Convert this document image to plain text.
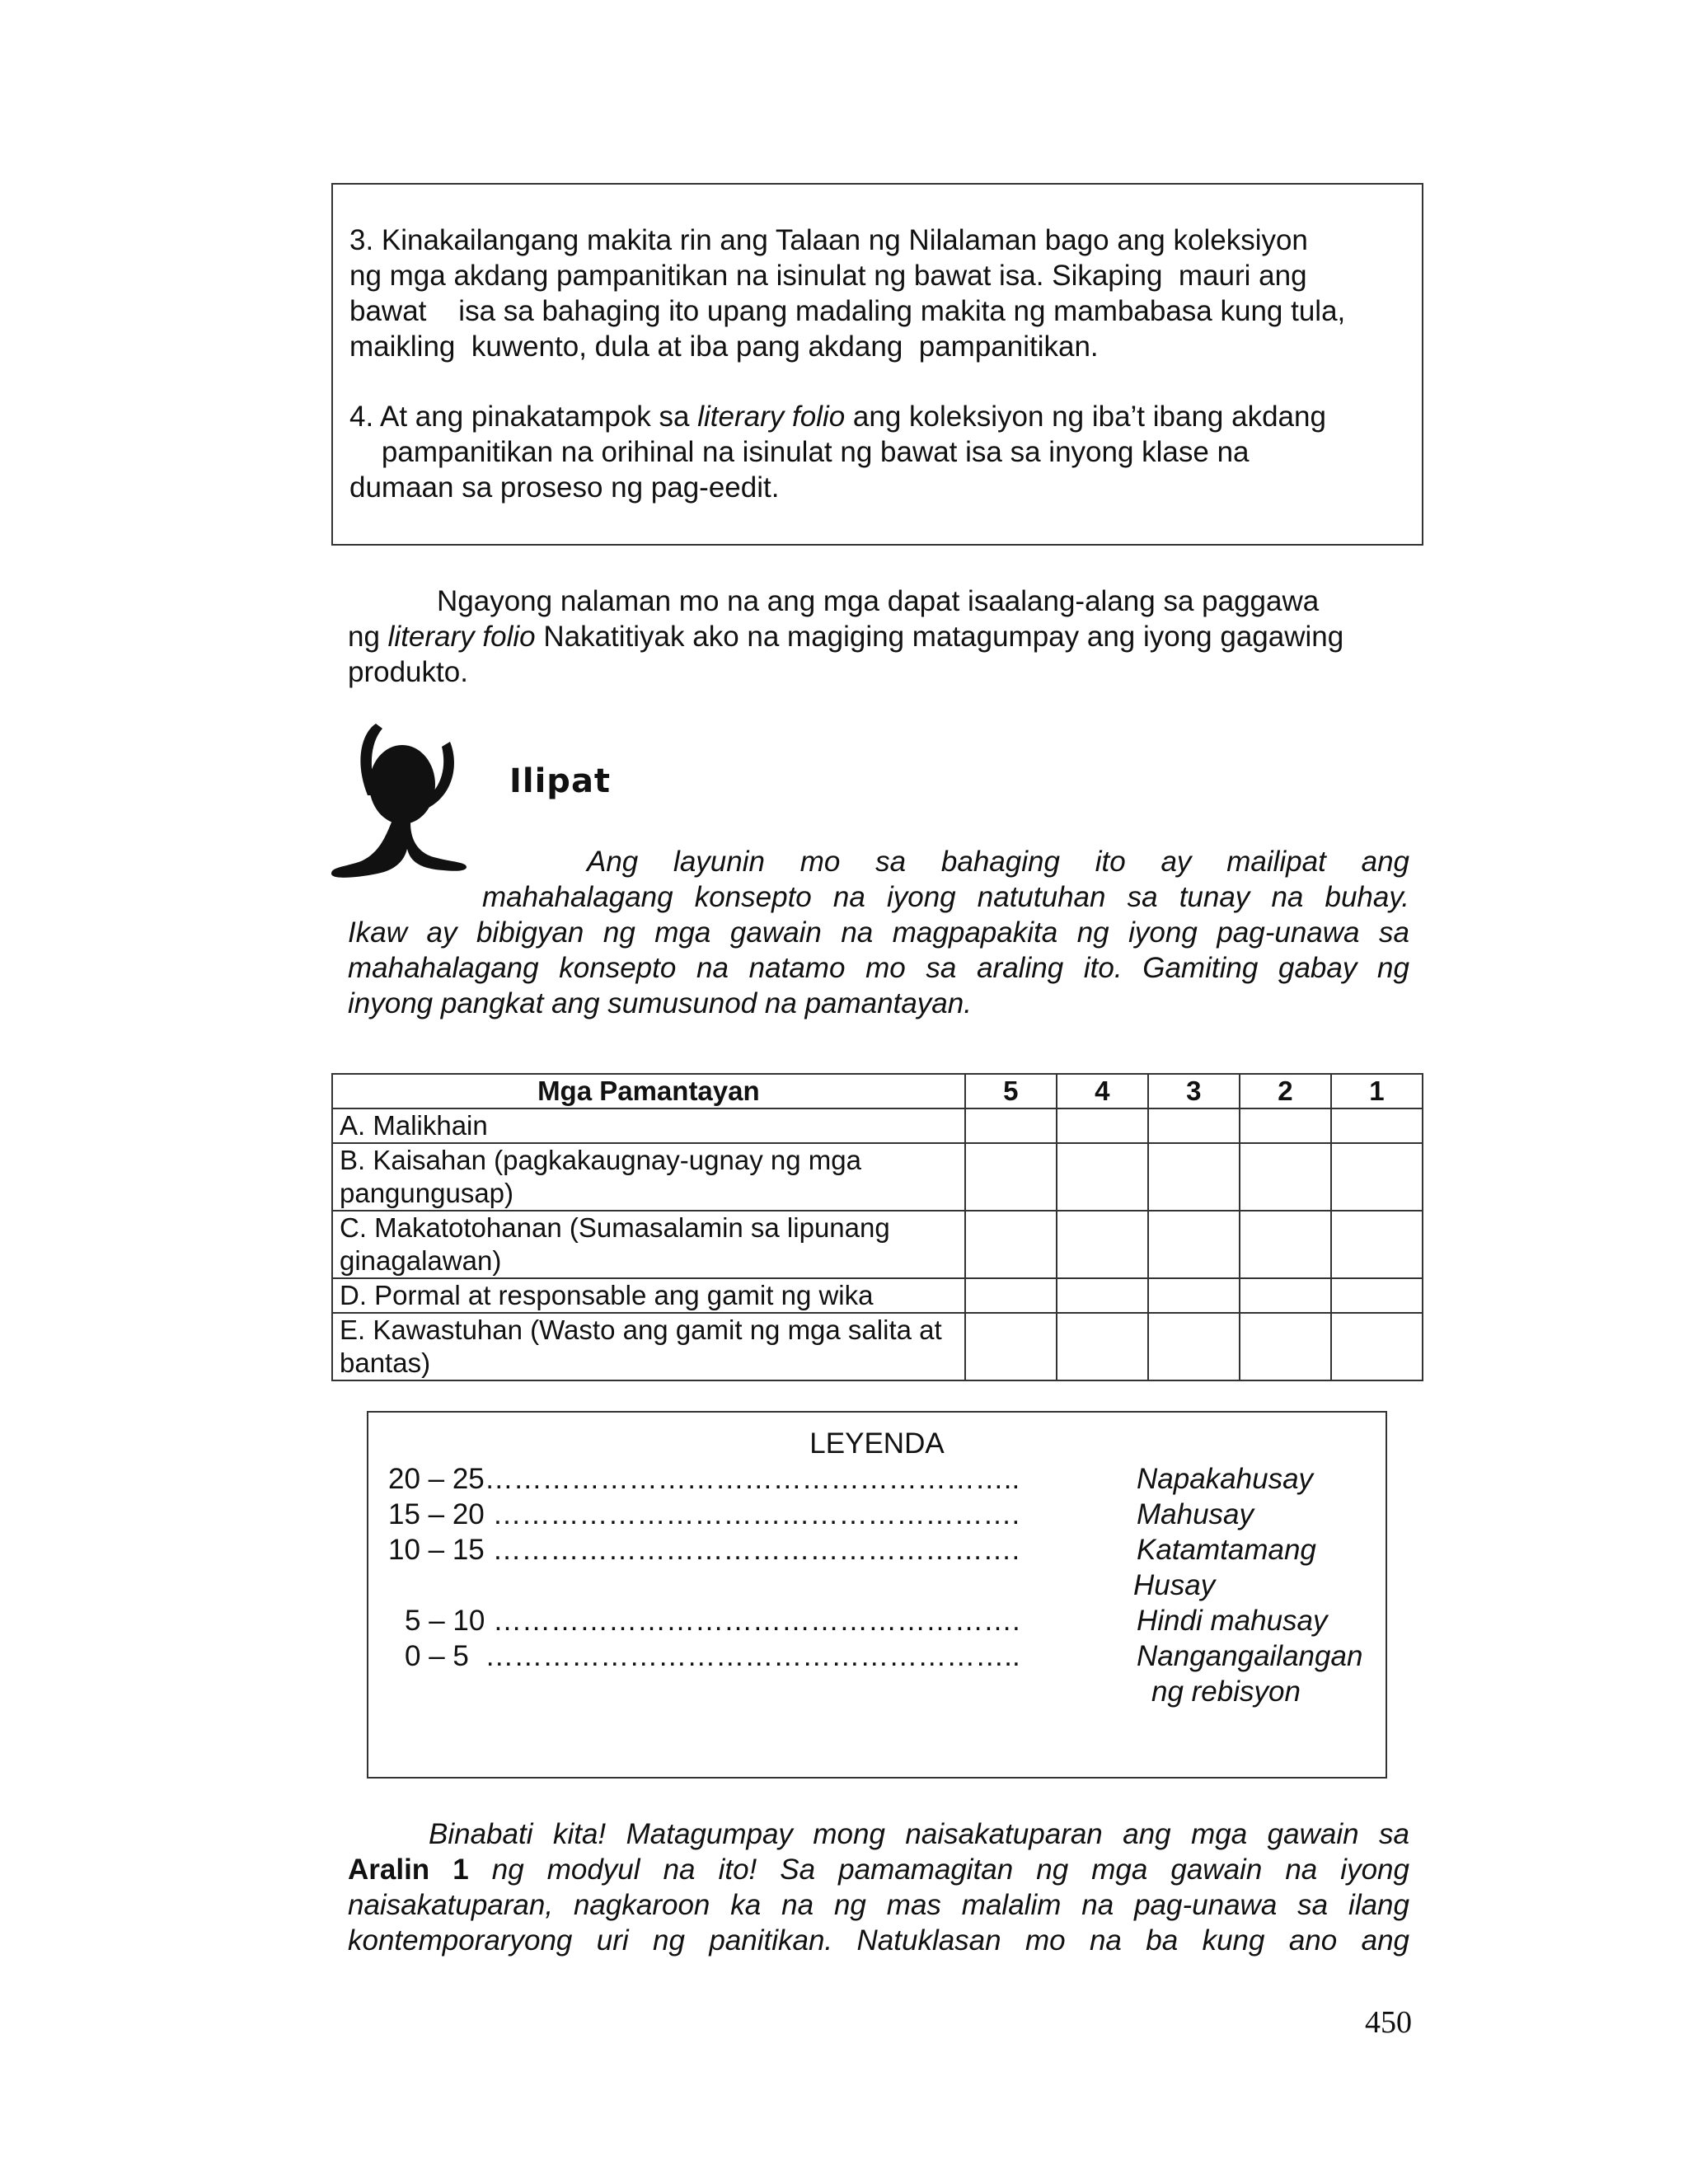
3. Kinakailangang makita rin ang Talaan ng Nilalaman bago ang koleksiyon
ng mga akdang pampanitikan na isinulat ng bawat isa. Sikaping  mauri ang
bawat    isa sa bahaging ito upang madaling makita ng mambabasa kung tula,
maikling  kuwento, dula at iba pang akdang  pampanitikan.
4. At ang pinakatampok sa literary folio ang koleksiyon ng iba’t ibang akdang
pampanitikan na orihinal na isinulat ng bawat isa sa inyong klase na
dumaan sa proseso ng pag-eedit.
Ngayong nalaman mo na ang mga dapat isaalang-alang sa paggawa
ng literary folio Nakatitiyak ako na magiging matagumpay ang iyong gagawing
produkto.
Ilipat
Ang layunin mo sa bahaging ito ay mailipat ang
mahahalagang konsepto na iyong natutuhan sa tunay na buhay.
Ikaw ay bibigyan ng mga gawain na magpapakita ng iyong pag-unawa sa
mahahalagang konsepto na natamo mo sa araling ito. Gamiting gabay ng
inyong pangkat ang sumusunod na pamantayan.
Mga Pamantayan	5	4	3	2	1
A. Malikhain					
B. Kaisahan (pagkakaugnay-ugnay ng mga pangungusap)					
C. Makatotohanan (Sumasalamin sa lipunang ginagalawan)					
D. Pormal at responsable ang gamit ng wika					
E. Kawastuhan (Wasto ang gamit ng mga salita at bantas)					
LEYENDA
20 – 25………………………………………………..	Napakahusay
15 – 20 ……………………………………………….	Mahusay
10 – 15 ……………………………………………….	Katamtamang
Husay
5 – 10 ……………………………………………….	Hindi mahusay
0 – 5  ………………………………………………..	Nangangailangan
ng rebisyon
Binabati kita! Matagumpay mong naisakatuparan ang mga gawain sa
Aralin 1 ng modyul na ito! Sa pamamagitan ng mga gawain na iyong
naisakatuparan, nagkaroon ka na ng mas malalim na pag-unawa sa ilang
kontemporaryong uri ng panitikan. Natuklasan mo na ba kung ano ang
450
